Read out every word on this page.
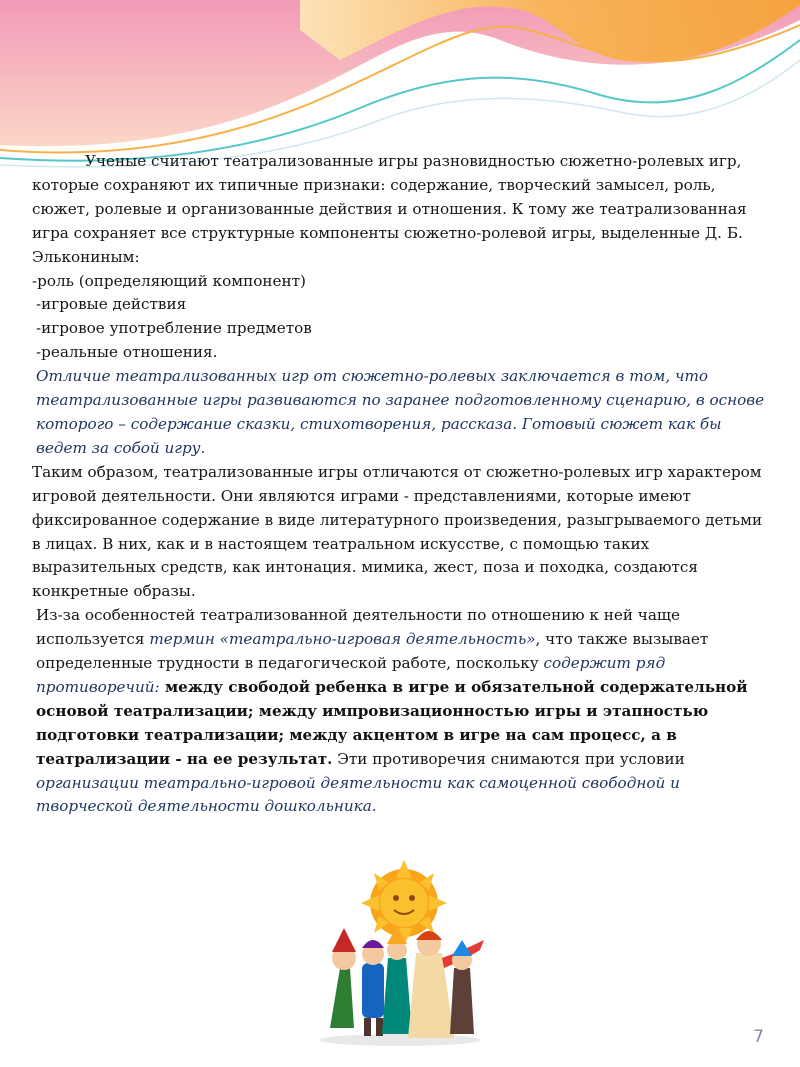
Ученые считают театрализованные игры разновидностью сюжетно-ролевых игр, которые сохраняют их типичные признаки: содержание, творческий замысел, роль, сюжет, ролевые и организованные действия и отношения. К тому же театрализованная игра сохраняет все структурные компоненты сюжетно-ролевой игры, выделенные Д. Б. Элькониным:

-роль (определяющий компонент)

-игровые действия

-игровое употребление предметов

-реальные отношения.

Отличие театрализованных игр от сюжетно-ролевых заключается в том, что театрализованные игры развиваются по заранее подготовленному сценарию, в основе которого – содержание сказки, стихотворения, рассказа. Готовый сюжет как бы ведет за собой игру.

Таким образом, театрализованные игры отличаются от сюжетно-ролевых игр характером игровой деятельности. Они являются играми - представлениями, которые имеют фиксированное содержание в виде литературного произведения, разыгрываемого детьми в лицах. В них, как и в настоящем театральном искусстве, с помощью таких выразительных средств, как интонация. мимика, жест, поза и походка, создаются конкретные образы.

Из-за особенностей театрализованной деятельности по отношению к ней чаще используется термин «театрально-игровая деятельность», что также вызывает определенные трудности в педагогической работе, поскольку содержит ряд противоречий: между свободой ребенка в игре и обязательной содержательной основой театрализации; между импровизационностью игры и этапностью подготовки театрализации; между акцентом в игре на сам процесс, а в театрализации - на ее результат. Эти противоречия снимаются при условии организации театрально-игровой деятельности как самоценной свободной и творческой деятельности дошкольника.

7
